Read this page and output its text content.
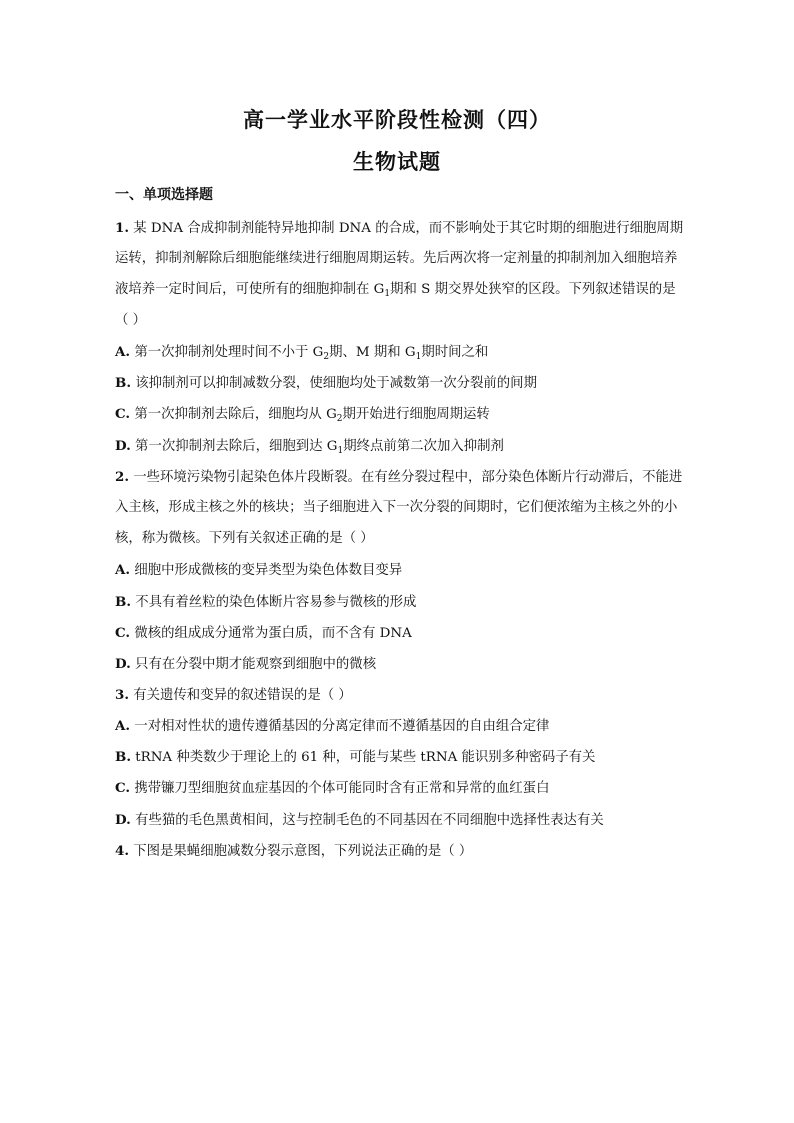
高一学业水平阶段性检测（四）
生物试题
一、单项选择题
1. 某 DNA 合成抑制剂能特异地抑制 DNA 的合成，而不影响处于其它时期的细胞进行细胞周期
运转，抑制剂解除后细胞能继续进行细胞周期运转。先后两次将一定剂量的抑制剂加入细胞培养
液培养一定时间后，可使所有的细胞抑制在 $G_1$期和 S 期交界处狭窄的区段。下列叙述错误的是
（ ）
A. 第一次抑制剂处理时间不小于 $G_2$期、M 期和 $G_1$期时间之和
B. 该抑制剂可以抑制减数分裂，使细胞均处于减数第一次分裂前的间期
C. 第一次抑制剂去除后，细胞均从 $G_2$期开始进行细胞周期运转
D. 第一次抑制剂去除后，细胞到达 $G_1$期终点前第二次加入抑制剂
2. 一些环境污染物引起染色体片段断裂。在有丝分裂过程中，部分染色体断片行动滞后，不能进
入主核，形成主核之外的核块；当子细胞进入下一次分裂的间期时，它们便浓缩为主核之外的小
核，称为微核。下列有关叙述正确的是（ ）
A. 细胞中形成微核的变异类型为染色体数目变异
B. 不具有着丝粒的染色体断片容易参与微核的形成
C. 微核的组成成分通常为蛋白质，而不含有 DNA
D. 只有在分裂中期才能观察到细胞中的微核
3. 有关遗传和变异的叙述错误的是（ ）
A. 一对相对性状的遗传遵循基因的分离定律而不遵循基因的自由组合定律
B. tRNA 种类数少于理论上的 61 种，可能与某些 tRNA 能识别多种密码子有关
C. 携带镰刀型细胞贫血症基因的个体可能同时含有正常和异常的血红蛋白
D. 有些猫的毛色黑黄相间，这与控制毛色的不同基因在不同细胞中选择性表达有关
4. 下图是果蝇细胞减数分裂示意图，下列说法正确的是（ ）
